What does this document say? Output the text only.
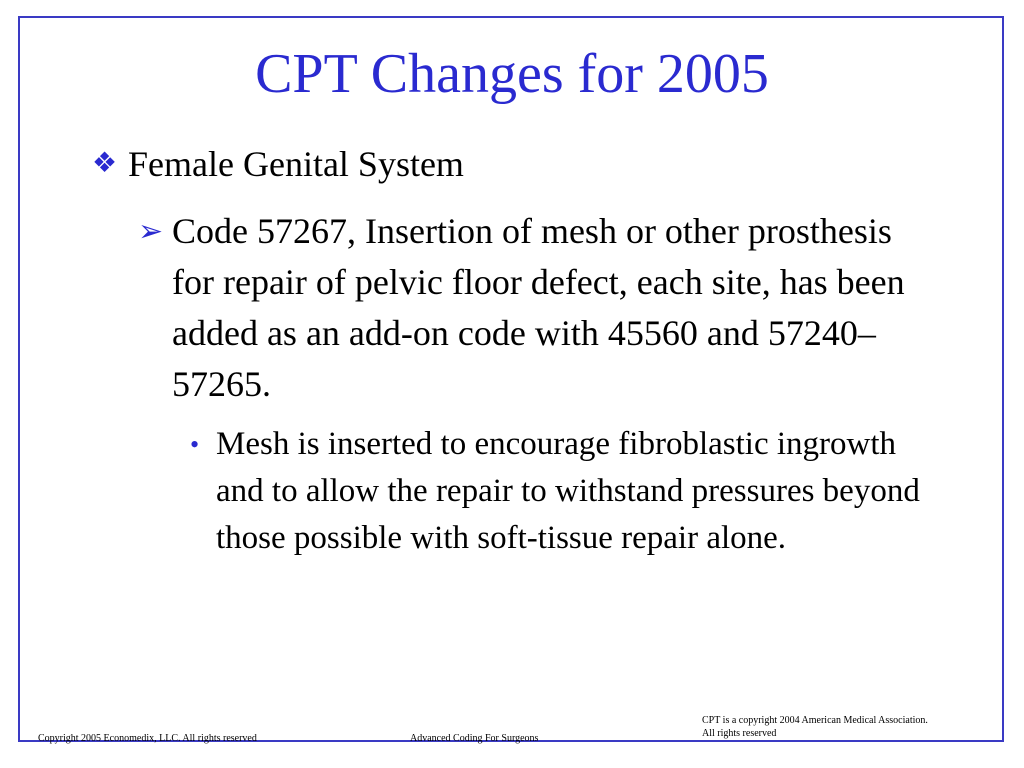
CPT Changes for 2005
❖ Female Genital System
➢ Code 57267, Insertion of mesh or other prosthesis for repair of pelvic floor defect, each site, has been added as an add-on code with 45560 and 57240–57265.
• Mesh is inserted to encourage fibroblastic ingrowth and to allow the repair to withstand pressures beyond those possible with soft-tissue repair alone.
Copyright 2005 Economedix, LLC. All rights reserved	Advanced Coding For Surgeons
CPT is a copyright 2004 American Medical Association.
All rights reserved
